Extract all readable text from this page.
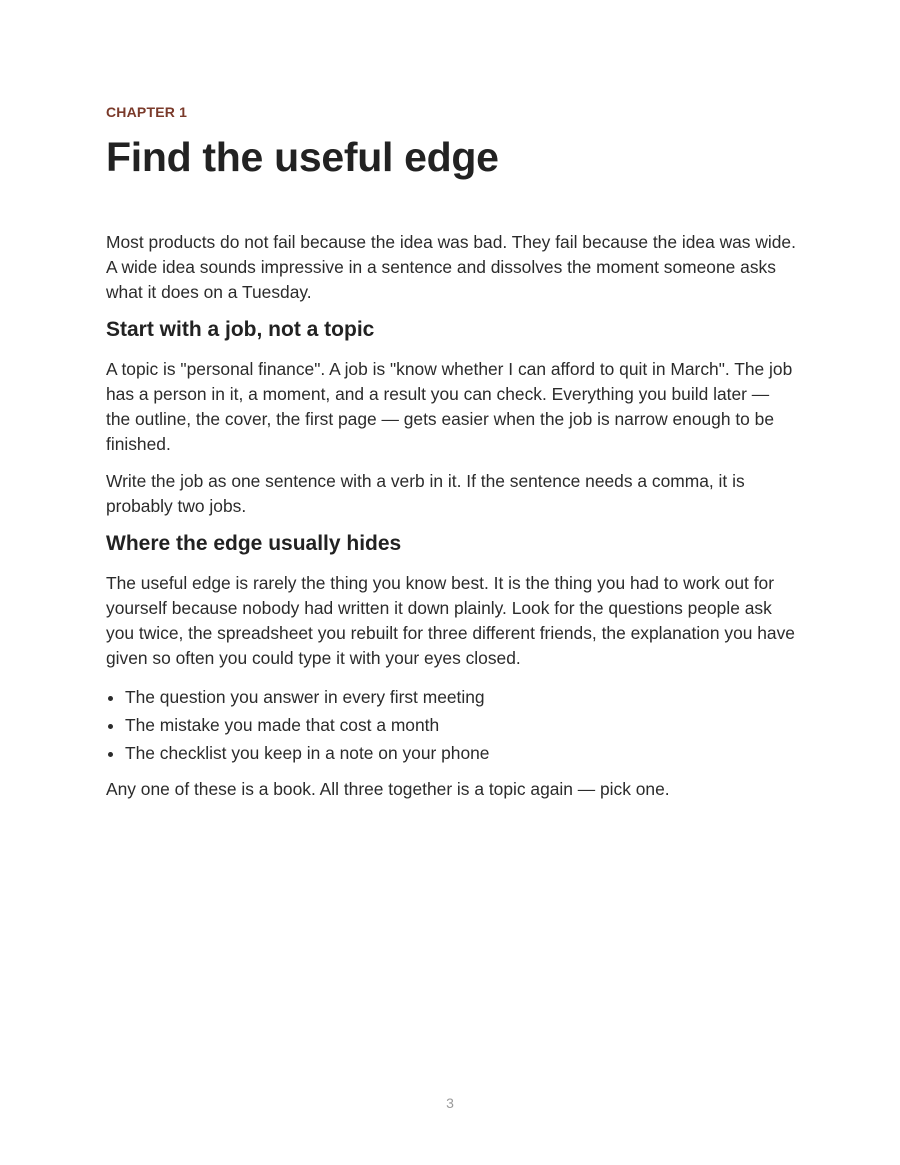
CHAPTER 1

Find the useful edge

Most products do not fail because the idea was bad. They fail because the idea was wide. A wide idea sounds impressive in a sentence and dissolves the moment someone asks what it does on a Tuesday.

Start with a job, not a topic

A topic is "personal finance". A job is "know whether I can afford to quit in March". The job has a person in it, a moment, and a result you can check. Everything you build later — the outline, the cover, the first page — gets easier when the job is narrow enough to be finished.

Write the job as one sentence with a verb in it. If the sentence needs a comma, it is probably two jobs.

Where the edge usually hides

The useful edge is rarely the thing you know best. It is the thing you had to work out for yourself because nobody had written it down plainly. Look for the questions people ask you twice, the spreadsheet you rebuilt for three different friends, the explanation you have given so often you could type it with your eyes closed.

• The question you answer in every first meeting
• The mistake you made that cost a month
• The checklist you keep in a note on your phone

Any one of these is a book. All three together is a topic again — pick one.

3
